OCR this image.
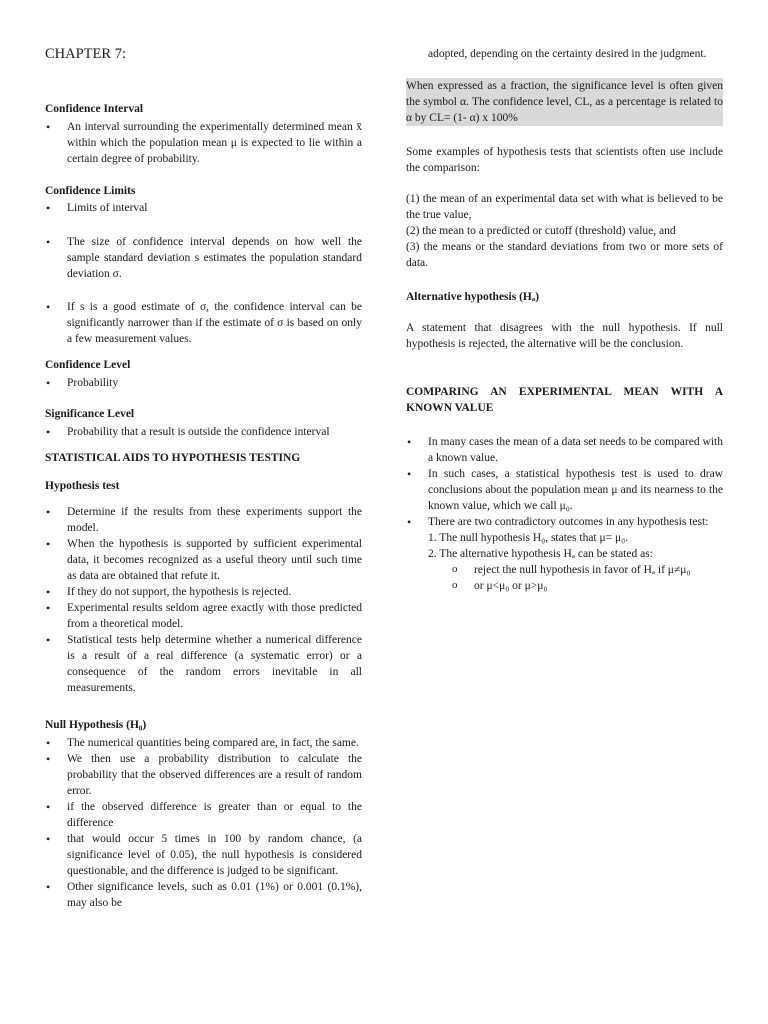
CHAPTER 7:
Confidence Interval
• An interval surrounding the experimentally determined mean x̄ within which the population mean μ is expected to lie within a certain degree of probability.
Confidence Limits
• Limits of interval
• The size of confidence interval depends on how well the sample standard deviation s estimates the population standard deviation σ.
• If s is a good estimate of σ, the confidence interval can be significantly narrower than if the estimate of σ is based on only a few measurement values.
Confidence Level
• Probability
Significance Level
• Probability that a result is outside the confidence interval
STATISTICAL AIDS TO HYPOTHESIS TESTING
Hypothesis test
• Determine if the results from these experiments support the model.
• When the hypothesis is supported by sufficient experimental data, it becomes recognized as a useful theory until such time as data are obtained that refute it.
• If they do not support, the hypothesis is rejected.
• Experimental results seldom agree exactly with those predicted from a theoretical model.
• Statistical tests help determine whether a numerical difference is a result of a real difference (a systematic error) or a consequence of the random errors inevitable in all measurements.
Null Hypothesis (H₀)
• The numerical quantities being compared are, in fact, the same.
• We then use a probability distribution to calculate the probability that the observed differences are a result of random error.
• if the observed difference is greater than or equal to the difference
• that would occur 5 times in 100 by random chance, (a significance level of 0.05), the null hypothesis is considered questionable, and the difference is judged to be significant.
• Other significance levels, such as 0.01 (1%) or 0.001 (0.1%), may also be
adopted, depending on the certainty desired in the judgment.
When expressed as a fraction, the significance level is often given the symbol α. The confidence level, CL, as a percentage is related to α by CL= (1- α) x 100%
Some examples of hypothesis tests that scientists often use include the comparison:
(1) the mean of an experimental data set with what is believed to be the true value,
(2) the mean to a predicted or cutoff (threshold) value, and
(3) the means or the standard deviations from two or more sets of data.
Alternative hypothesis (Hₐ)
A statement that disagrees with the null hypothesis. If null hypothesis is rejected, the alternative will be the conclusion.
COMPARING AN EXPERIMENTAL MEAN WITH A KNOWN VALUE
• In many cases the mean of a data set needs to be compared with a known value.
• In such cases, a statistical hypothesis test is used to draw conclusions about the population mean μ and its nearness to the known value, which we call μ₀.
• There are two contradictory outcomes in any hypothesis test:
1. The null hypothesis H₀, states that μ= μ₀.
2. The alternative hypothesis Hₐ can be stated as:
o reject the null hypothesis in favor of Hₐ if μ≠μ₀
o or μ<μ₀ or μ>μ₀
